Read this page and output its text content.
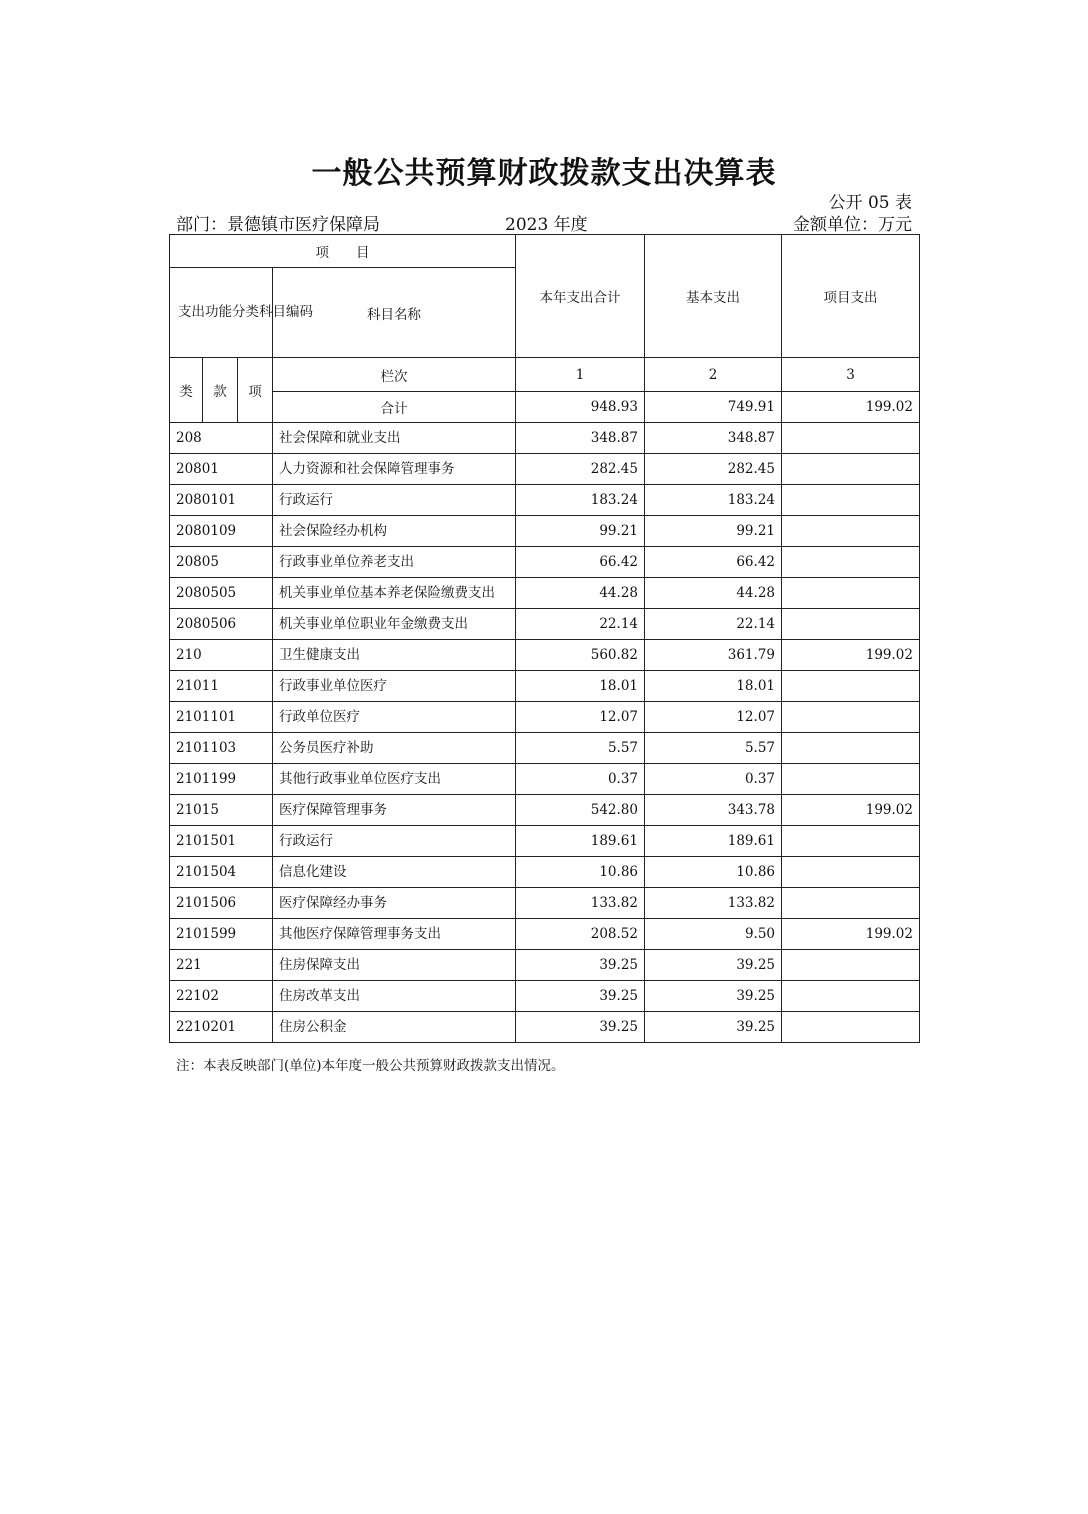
一般公共预算财政拨款支出决算表
公开 05 表
部门：景德镇市医疗保障局	2023 年度	金额单位：万元
项　　目				本年支出合计	基本支出	项目支出
支出功能分类科目编码			科目名称			
类	款	项	栏次	1	2	3
			合计	948.93	749.91	199.02
208			社会保障和就业支出	348.87	348.87	
20801			人力资源和社会保障管理事务	282.45	282.45	
2080101			行政运行	183.24	183.24	
2080109			社会保险经办机构	99.21	99.21	
20805			行政事业单位养老支出	66.42	66.42	
2080505			机关事业单位基本养老保险缴费支出	44.28	44.28	
2080506			机关事业单位职业年金缴费支出	22.14	22.14	
210			卫生健康支出	560.82	361.79	199.02
21011			行政事业单位医疗	18.01	18.01	
2101101			行政单位医疗	12.07	12.07	
2101103			公务员医疗补助	5.57	5.57	
2101199			其他行政事业单位医疗支出	0.37	0.37	
21015			医疗保障管理事务	542.80	343.78	199.02
2101501			行政运行	189.61	189.61	
2101504			信息化建设	10.86	10.86	
2101506			医疗保障经办事务	133.82	133.82	
2101599			其他医疗保障管理事务支出	208.52	9.50	199.02
221			住房保障支出	39.25	39.25	
22102			住房改革支出	39.25	39.25	
2210201			住房公积金	39.25	39.25	
注：本表反映部门(单位)本年度一般公共预算财政拨款支出情况。
